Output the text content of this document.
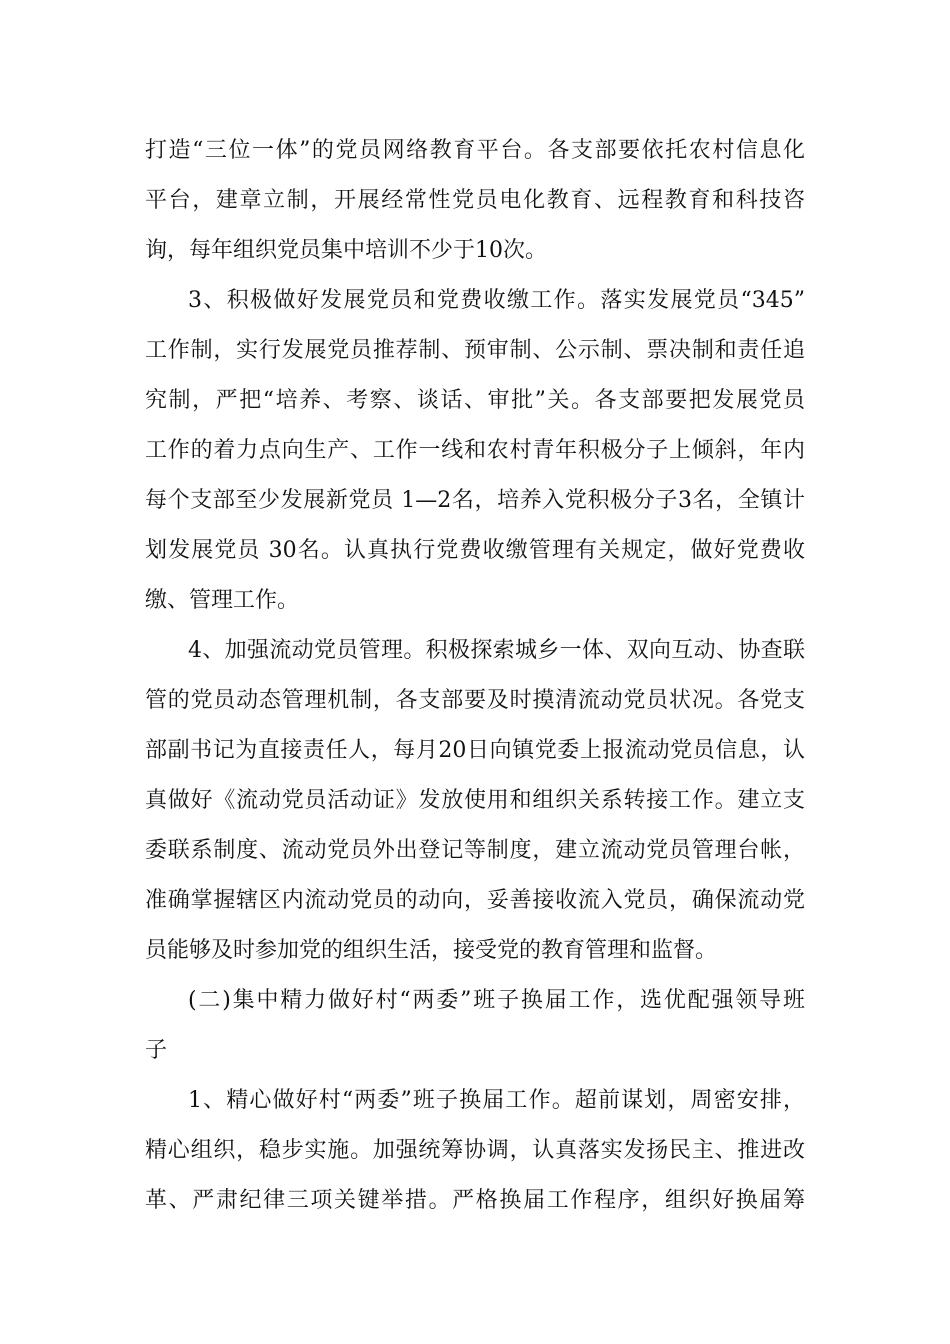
打造“三位一体”的党员网络教育平台。各支部要依托农村信息化
平台，建章立制，开展经常性党员电化教育、远程教育和科技咨
询，每年组织党员集中培训不少于10次。
3、积极做好发展党员和党费收缴工作。落实发展党员“345”
工作制，实行发展党员推荐制、预审制、公示制、票决制和责任追
究制，严把“培养、考察、谈话、审批”关。各支部要把发展党员
工作的着力点向生产、工作一线和农村青年积极分子上倾斜，年内
每个支部至少发展新党员 1—2名，培养入党积极分子3名，全镇计
划发展党员 30名。认真执行党费收缴管理有关规定，做好党费收
缴、管理工作。
4、加强流动党员管理。积极探索城乡一体、双向互动、协查联
管的党员动态管理机制，各支部要及时摸清流动党员状况。各党支
部副书记为直接责任人，每月20日向镇党委上报流动党员信息，认
真做好《流动党员活动证》发放使用和组织关系转接工作。建立支
委联系制度、流动党员外出登记等制度，建立流动党员管理台帐，
准确掌握辖区内流动党员的动向，妥善接收流入党员，确保流动党
员能够及时参加党的组织生活，接受党的教育管理和监督。
(二)集中精力做好村“两委”班子换届工作，选优配强领导班
子
1、精心做好村“两委”班子换届工作。超前谋划，周密安排，
精心组织，稳步实施。加强统筹协调，认真落实发扬民主、推进改
革、严肃纪律三项关键举措。严格换届工作程序，组织好换届筹
